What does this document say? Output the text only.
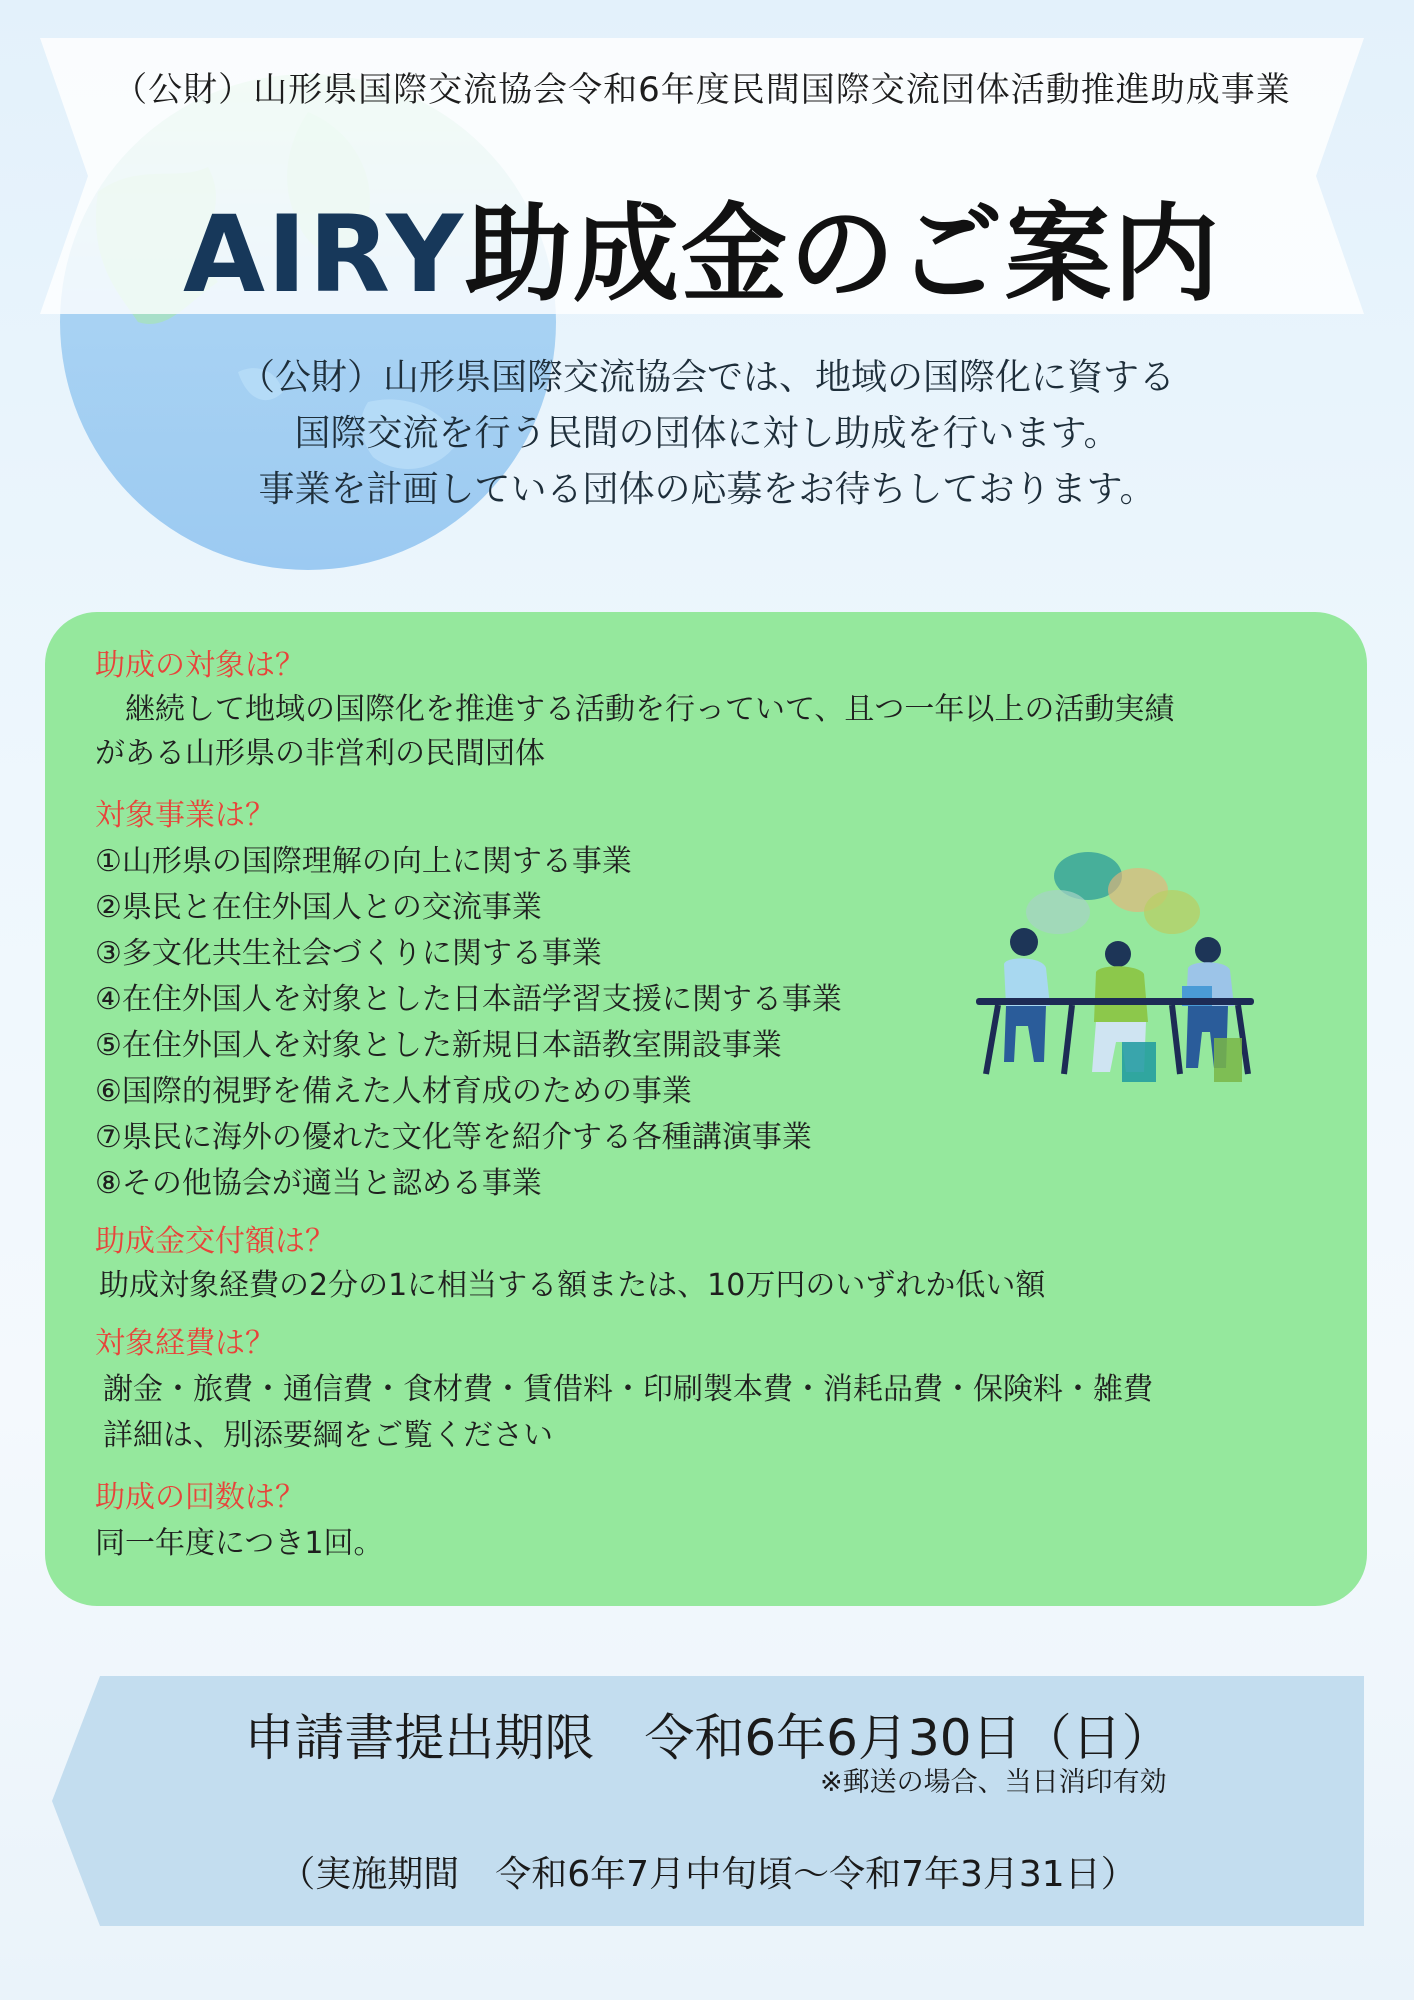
（公財）山形県国際交流協会令和6年度民間国際交流団体活動推進助成事業
AIRY助成金のご案内
（公財）山形県国際交流協会では、地域の国際化に資する
国際交流を行う民間の団体に対し助成を行います。
事業を計画している団体の応募をお待ちしております。
助成の対象は？
継続して地域の国際化を推進する活動を行っていて、且つ一年以上の活動実績
がある山形県の非営利の民間団体
対象事業は？
①山形県の国際理解の向上に関する事業
②県民と在住外国人との交流事業
③多文化共生社会づくりに関する事業
④在住外国人を対象とした日本語学習支援に関する事業
⑤在住外国人を対象とした新規日本語教室開設事業
⑥国際的視野を備えた人材育成のための事業
⑦県民に海外の優れた文化等を紹介する各種講演事業
⑧その他協会が適当と認める事業
助成金交付額は？
助成対象経費の2分の1に相当する額または、10万円のいずれか低い額
対象経費は？
謝金・旅費・通信費・食材費・賃借料・印刷製本費・消耗品費・保険料・雑費
詳細は、別添要綱をご覧ください
助成の回数は？
同一年度につき1回。
申請書提出期限　令和6年6月30日（日）
※郵送の場合、当日消印有効
（実施期間　令和6年7月中旬頃～令和7年3月31日）
